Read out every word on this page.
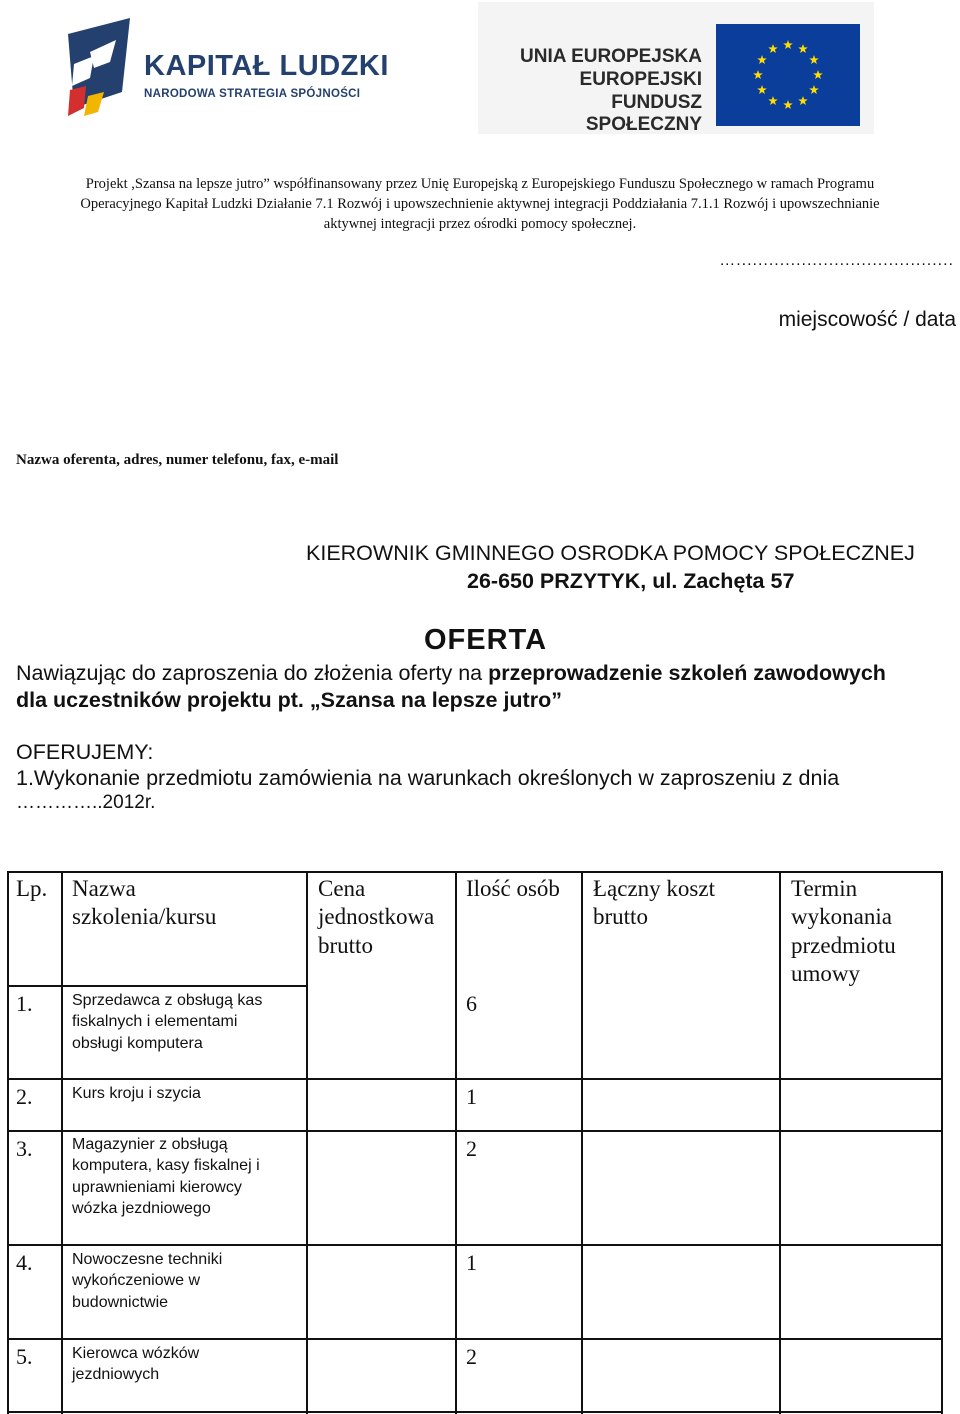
KAPITAŁ LUDZKI
NARODOWA STRATEGIA SPÓJNOŚCI
UNIA EUROPEJSKA
EUROPEJSKI
FUNDUSZ SPOŁECZNY
Projekt ,Szansa na lepsze jutro” współfinansowany przez Unię Europejską z Europejskiego Funduszu Społecznego w ramach Programu
Operacyjnego Kapitał Ludzki Działanie 7.1 Rozwój i upowszechnienie aktywnej integracji Poddziałania 7.1.1 Rozwój i upowszechnianie
aktywnej integracji przez ośrodki pomocy społecznej.
…........................................
miejscowość / data
Nazwa oferenta, adres, numer telefonu, fax, e-mail
KIEROWNIK GMINNEGO OSRODKA POMOCY SPOŁECZNEJ
26-650 PRZYTYK, ul. Zachęta 57
OFERTA
Nawiązując do zaproszenia do złożenia oferty na przeprowadzenie szkoleń zawodowych
dla uczestników projektu pt. „Szansa na lepsze jutro”
OFERUJEMY:
1.Wykonanie przedmiotu zamówienia na warunkach określonych w zaproszeniu z dnia
…………..2012r.
Lp. Nazwa
szkolenia/kursu
Cena
jednostkowa
brutto
Ilość osób Łączny koszt
brutto
Termin
wykonania
przedmiotu
umowy
1. Sprzedawca z obsługą kas
fiskalnych i elementami
obsługi komputera
6
2. Kurs kroju i szycia	1
3. Magazynier z obsługą
komputera, kasy fiskalnej i
uprawnieniami kierowcy
wózka jezdniowego
2
4. Nowoczesne techniki
wykończeniowe w
budownictwie
1
5. Kierowca wózków
jezdniowych
2
